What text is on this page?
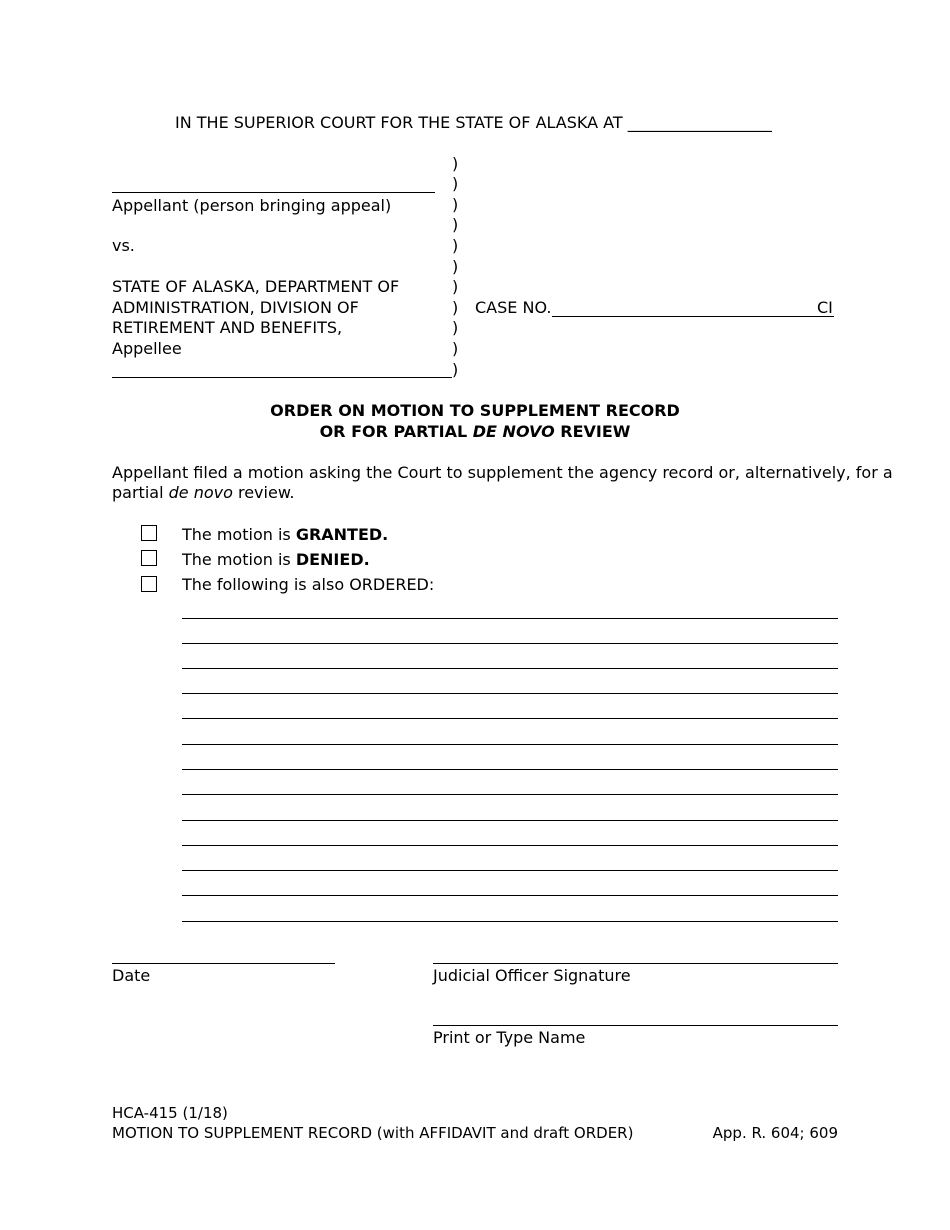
IN THE SUPERIOR COURT FOR THE STATE OF ALASKA AT __________________
Appellant (person bringing appeal)
vs.
STATE OF ALASKA, DEPARTMENT OF
ADMINISTRATION, DIVISION OF
RETIREMENT AND BENEFITS,
Appellee
)
)
)
)
)
)
)
)
)
)
)
CASE NO.	CI
ORDER ON MOTION TO SUPPLEMENT RECORD
OR FOR PARTIAL DE NOVO REVIEW
Appellant filed a motion asking the Court to supplement the agency record or, alternatively, for a
partial de novo review.
The motion is GRANTED.
The motion is DENIED.
The following is also ORDERED:
Date	Judicial Officer Signature
Print or Type Name
HCA-415 (1/18)
MOTION TO SUPPLEMENT RECORD (with AFFIDAVIT and draft ORDER)	App. R. 604; 609
